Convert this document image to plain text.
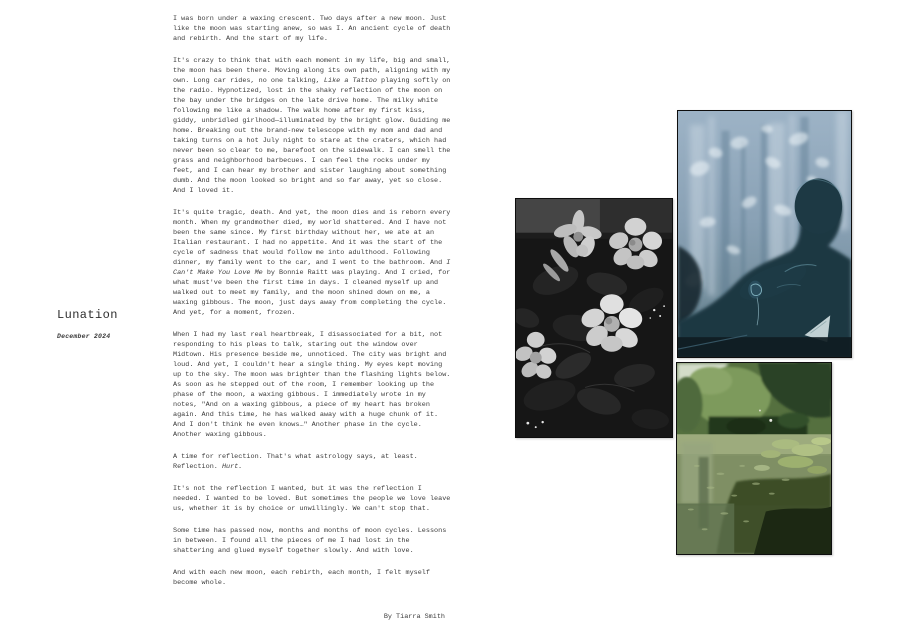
Lunation
December 2024

I was born under a waxing crescent. Two days after a new moon. Just like the moon was starting anew, so was I. An ancient cycle of death and rebirth. And the start of my life.

It's crazy to think that with each moment in my life, big and small, the moon has been there. Moving along its own path, aligning with my own. Long car rides, no one talking, Like a Tattoo playing softly on the radio. Hypnotized, lost in the shaky reflection of the moon on the bay under the bridges on the late drive home. The milky white following me like a shadow. The walk home after my first kiss, giddy, unbridled girlhood—illuminated by the bright glow. Guiding me home. Breaking out the brand-new telescope with my mom and dad and taking turns on a hot July night to stare at the craters, which had never been so clear to me, barefoot on the sidewalk. I can smell the grass and neighborhood barbecues. I can feel the rocks under my feet, and I can hear my brother and sister laughing about something dumb. And the moon looked so bright and so far away, yet so close. And I loved it.

It's quite tragic, death. And yet, the moon dies and is reborn every month. When my grandmother died, my world shattered. And I have not been the same since. My first birthday without her, we ate at an Italian restaurant. I had no appetite. And it was the start of the cycle of sadness that would follow me into adulthood. Following dinner, my family went to the car, and I went to the bathroom. And I Can't Make You Love Me by Bonnie Raitt was playing. And I cried, for what must've been the first time in days. I cleaned myself up and walked out to meet my family, and the moon shined down on me, a waxing gibbous. The moon, just days away from completing the cycle. And yet, for a moment, frozen.

When I had my last real heartbreak, I disassociated for a bit, not responding to his pleas to talk, staring out the window over Midtown. His presence beside me, unnoticed. The city was bright and loud. And yet, I couldn't hear a single thing. My eyes kept moving up to the sky. The moon was brighter than the flashing lights below. As soon as he stepped out of the room, I remember looking up the phase of the moon, a waxing gibbous. I immediately wrote in my notes, "And on a waxing gibbous, a piece of my heart has broken again. And this time, he has walked away with a huge chunk of it. And I don't think he even knows…" Another phase in the cycle. Another waxing gibbous.

A time for reflection. That's what astrology says, at least. Reflection. Hurt.

It's not the reflection I wanted, but it was the reflection I needed. I wanted to be loved. But sometimes the people we love leave us, whether it is by choice or unwillingly. We can't stop that.

Some time has passed now, months and months of moon cycles. Lessons in between. I found all the pieces of me I had lost in the shattering and glued myself together slowly. And with love.

And with each new moon, each rebirth, each month, I felt myself become whole.

By Tiarra Smith
